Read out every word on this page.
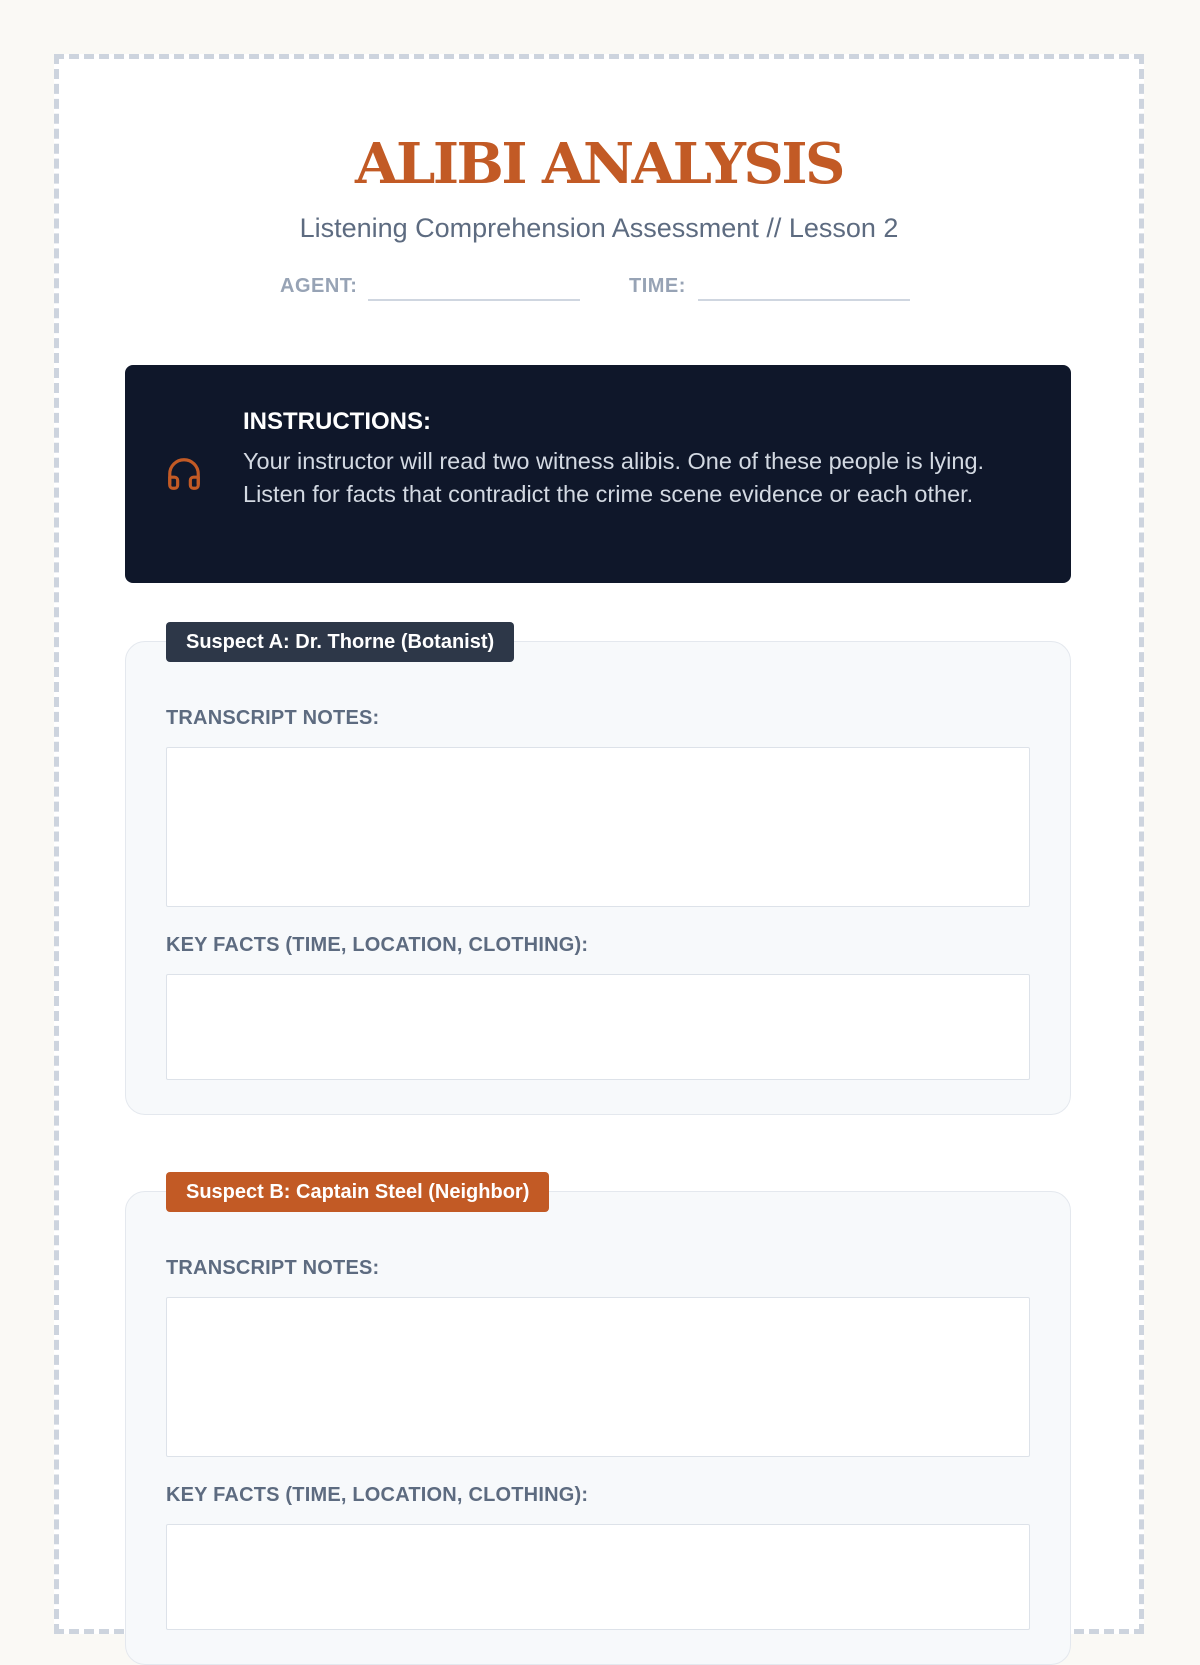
ALIBI ANALYSIS
Listening Comprehension Assessment // Lesson 2
AGENT:	TIME:
INSTRUCTIONS:
Your instructor will read two witness alibis. One of these people is lying. Listen for facts that contradict the crime scene evidence or each other.
Suspect A: Dr. Thorne (Botanist)
TRANSCRIPT NOTES:
KEY FACTS (TIME, LOCATION, CLOTHING):
Suspect B: Captain Steel (Neighbor)
TRANSCRIPT NOTES:
KEY FACTS (TIME, LOCATION, CLOTHING):
